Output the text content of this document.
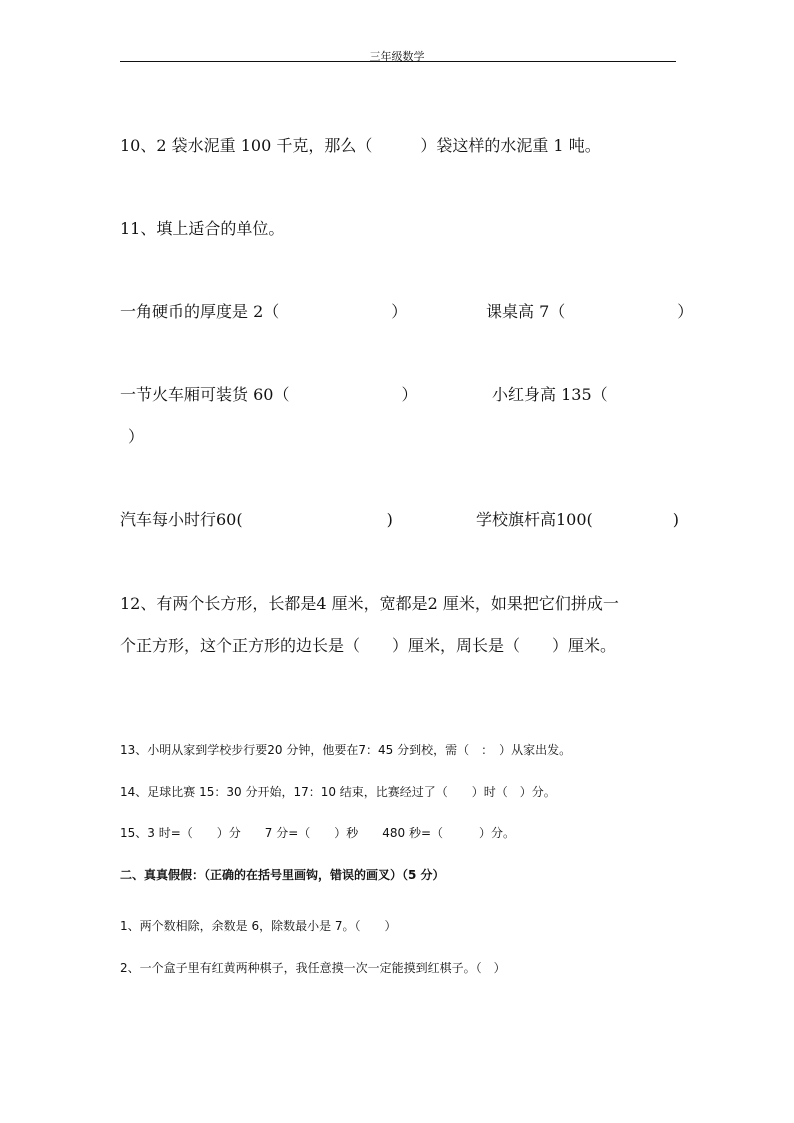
三年级数学
10、2 袋水泥重 100 千克，那么（　　　）袋这样的水泥重 1 吨。
11、填上适合的单位。
一角硬币的厚度是 2（　　　　　　　）	课桌高 7（　　　　　　　）
一节火车厢可装货 60（　　　　　　　）	小红身高 135（
）
汽车每小时行60(　　　　　　　　　)	学校旗杆高100(　　　　　)
12、有两个长方形，长都是4 厘米，宽都是2 厘米，如果把它们拼成一
个正方形，这个正方形的边长是（　　）厘米，周长是（　　）厘米。
13、小明从家到学校步行要20 分钟，他要在7：45 分到校，需（　：　）从家出发。
14、足球比赛 15：30 分开始，17：10 结束，比赛经过了（　　）时（　）分。
15、3 时=（　　）分　　7 分=（　　）秒　　480 秒=（　　　）分。
二、真真假假：（正确的在括号里画钩，错误的画叉）（5 分）
1、两个数相除，余数是 6，除数最小是 7。（　　）
2、一个盒子里有红黄两种棋子，我任意摸一次一定能摸到红棋子。（　）
